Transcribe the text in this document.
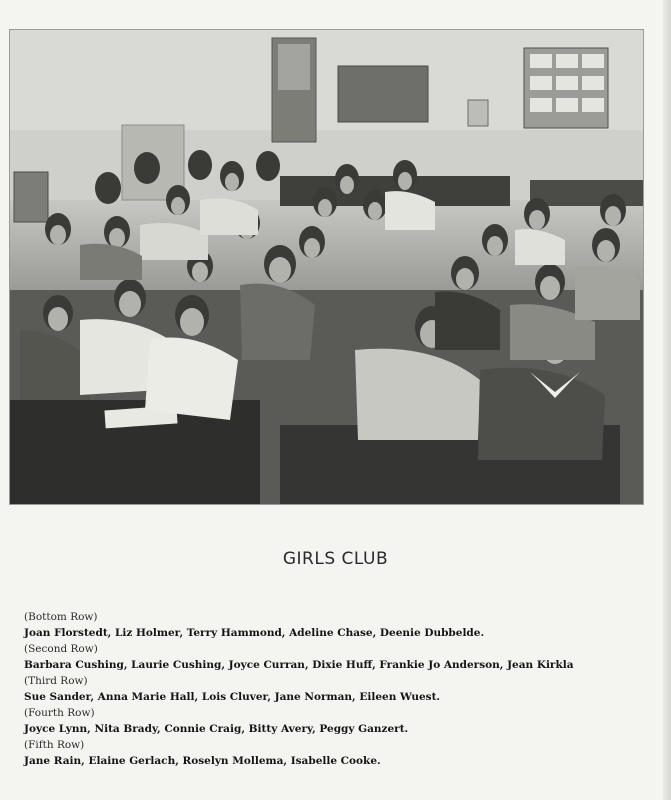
GIRLS CLUB
(Bottom Row)
Joan Florstedt, Liz Holmer, Terry Hammond, Adeline Chase, Deenie Dubbelde.
(Second Row)
Barbara Cushing, Laurie Cushing, Joyce Curran, Dixie Huff, Frankie Jo Anderson, Jean Kirkla
(Third Row)
Sue Sander, Anna Marie Hall, Lois Cluver, Jane Norman, Eileen Wuest.
(Fourth Row)
Joyce Lynn, Nita Brady, Connie Craig, Bitty Avery, Peggy Ganzert.
(Fifth Row)
Jane Rain, Elaine Gerlach, Roselyn Mollema, Isabelle Cooke.
